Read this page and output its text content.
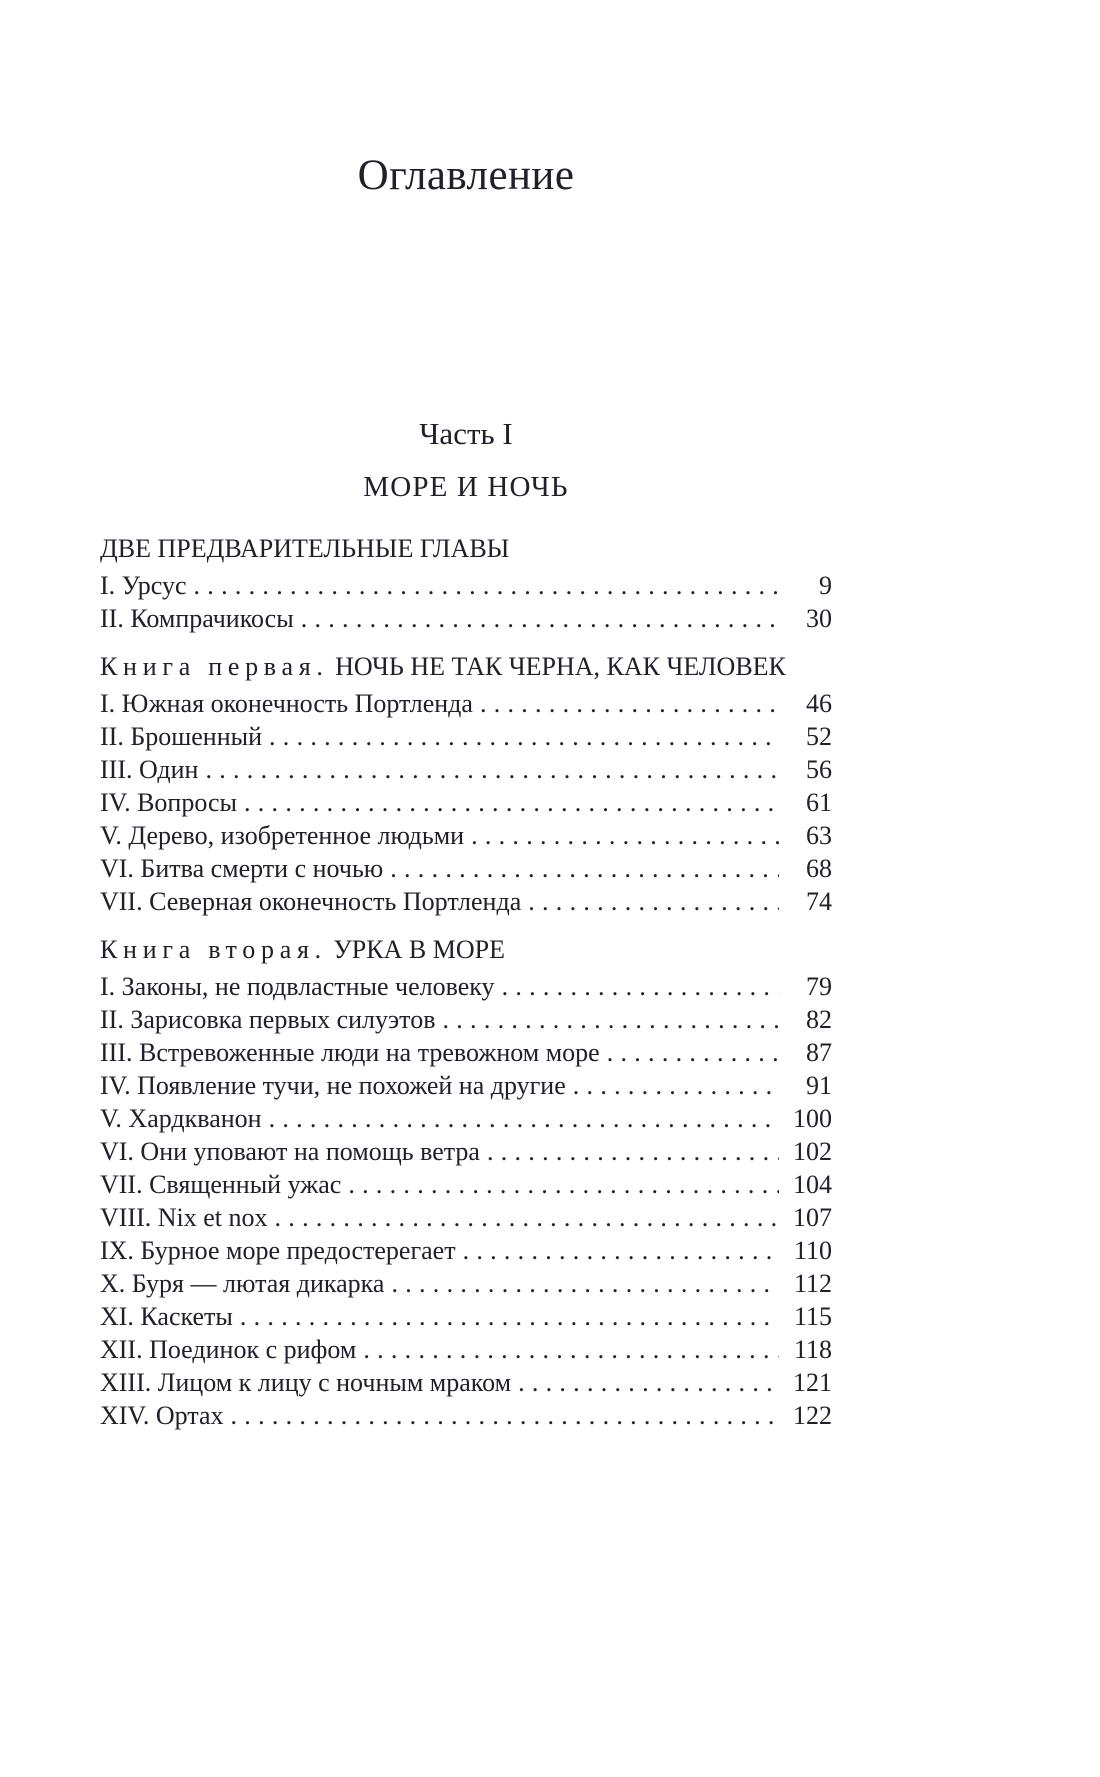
Оглавление
Часть I
МОРЕ И НОЧЬ
ДВЕ ПРЕДВАРИТЕЛЬНЫЕ ГЛАВЫ
I. Урсус .....	9
II. Компрачикосы .....	30
Книга первая. НОЧЬ НЕ ТАК ЧЕРНА, КАК ЧЕЛОВЕК
I. Южная оконечность Портленда .....	46
II. Брошенный .....	52
III. Один .....	56
IV. Вопросы .....	61
V. Дерево, изобретенное людьми .....	63
VI. Битва смерти с ночью .....	68
VII. Северная оконечность Портленда .....	74
Книга вторая. УРКА В МОРЕ
I. Законы, не подвластные человеку .....	79
II. Зарисовка первых силуэтов .....	82
III. Встревоженные люди на тревожном море .....	87
IV. Появление тучи, не похожей на другие .....	91
V. Хардкванон .....	100
VI. Они уповают на помощь ветра .....	102
VII. Священный ужас .....	104
VIII. Nix et nox .....	107
IX. Бурное море предостерегает .....	110
X. Буря — лютая дикарка .....	112
XI. Каскеты .....	115
XII. Поединок с рифом .....	118
XIII. Лицом к лицу с ночным мраком .....	121
XIV. Ортах .....	122
